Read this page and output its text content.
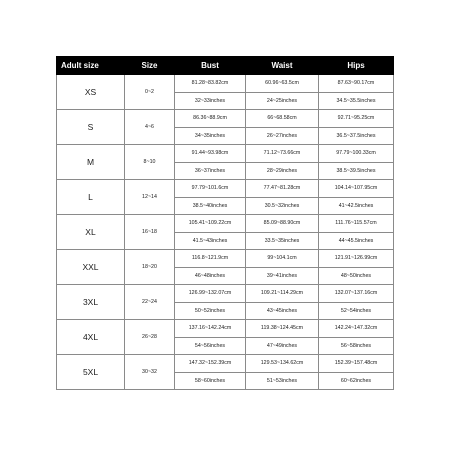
Adult size	Size	Bust	Waist	Hips
XS	0~2	81.28~83.82cm	60.96~63.5cm	87.63~90.17cm
		32~33inches	24~25inches	34.5~35.5inches
S	4~6	86.36~88.9cm	66~68.58cm	92.71~95.25cm
		34~35inches	26~27inches	36.5~37.5inches
M	8~10	91.44~93.98cm	71.12~73.66cm	97.79~100.33cm
		36~37inches	28~29inches	38.5~39.5inches
L	12~14	97.79~101.6cm	77.47~81.28cm	104.14~107.95cm
		38.5~40inches	30.5~32inches	41~42.5inches
XL	16~18	105.41~109.22cm	85.09~88.90cm	111.76~115.57cm
		41.5~43inches	33.5~35inches	44~45.5inches
XXL	18~20	116.8~121.9cm	99~104.1cm	121.91~126.99cm
		46~48inches	39~41inches	48~50inches
3XL	22~24	126.99~132.07cm	109.21~114.29cm	132.07~137.16cm
		50~52inches	43~45inches	52~54inches
4XL	26~28	137.16~142.24cm	119.38~124.45cm	142.24~147.32cm
		54~56inches	47~49inches	56~58inches
5XL	30~32	147.32~152.39cm	129.53~134.62cm	152.39~157.48cm
		58~60inches	51~53inches	60~62inches
